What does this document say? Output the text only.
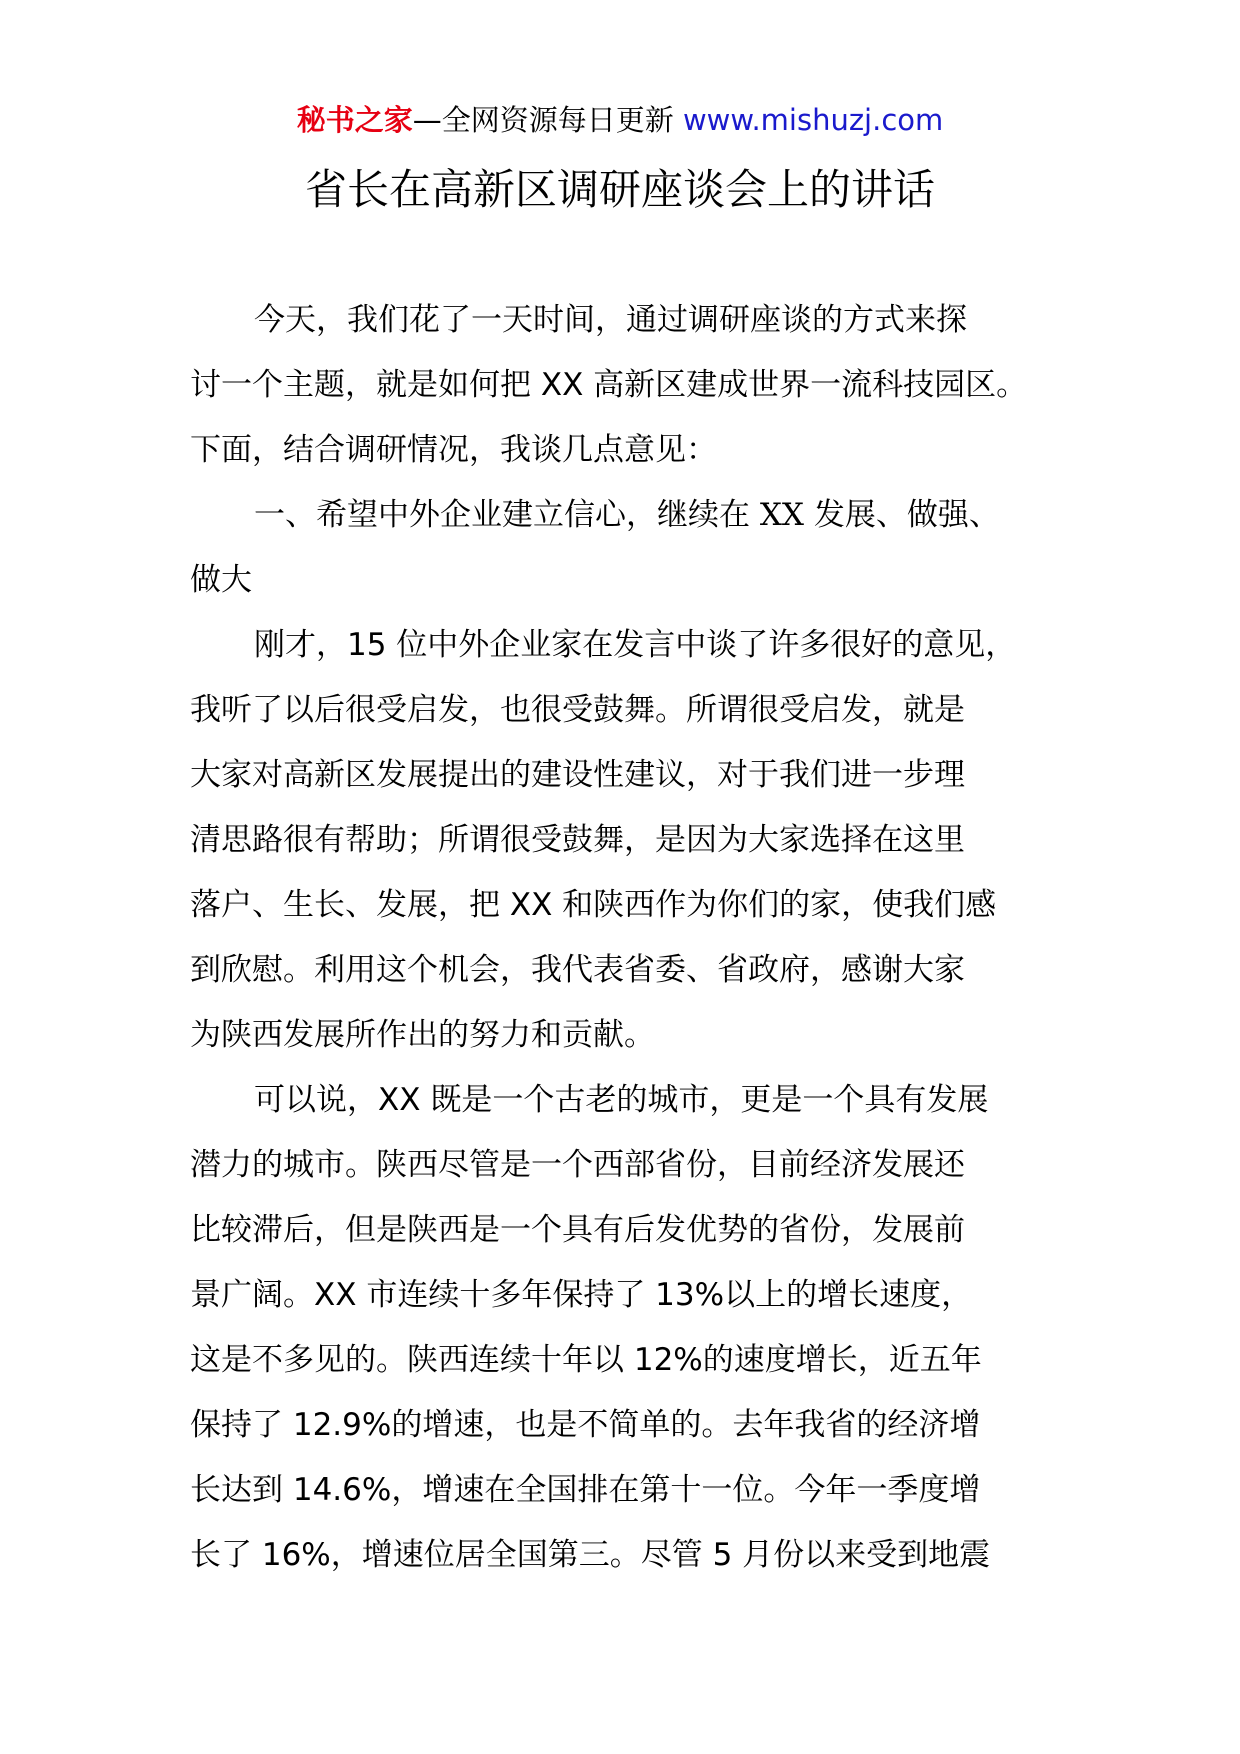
秘书之家—全网资源每日更新 www.mishuzj.com
省长在高新区调研座谈会上的讲话
今天，我们花了一天时间，通过调研座谈的方式来探
讨一个主题，就是如何把 XX 高新区建成世界一流科技园区。
下面，结合调研情况，我谈几点意见：
一、希望中外企业建立信心，继续在 XX 发展、做强、
做大
刚才，15 位中外企业家在发言中谈了许多很好的意见，
我听了以后很受启发，也很受鼓舞。所谓很受启发，就是
大家对高新区发展提出的建设性建议，对于我们进一步理
清思路很有帮助；所谓很受鼓舞，是因为大家选择在这里
落户、生长、发展，把 XX 和陕西作为你们的家，使我们感
到欣慰。利用这个机会，我代表省委、省政府，感谢大家
为陕西发展所作出的努力和贡献。
可以说，XX 既是一个古老的城市，更是一个具有发展
潜力的城市。陕西尽管是一个西部省份，目前经济发展还
比较滞后，但是陕西是一个具有后发优势的省份，发展前
景广阔。XX 市连续十多年保持了 13%以上的增长速度，
这是不多见的。陕西连续十年以 12%的速度增长，近五年
保持了 12.9%的增速，也是不简单的。去年我省的经济增
长达到 14.6%，增速在全国排在第十一位。今年一季度增
长了 16%，增速位居全国第三。尽管 5 月份以来受到地震
